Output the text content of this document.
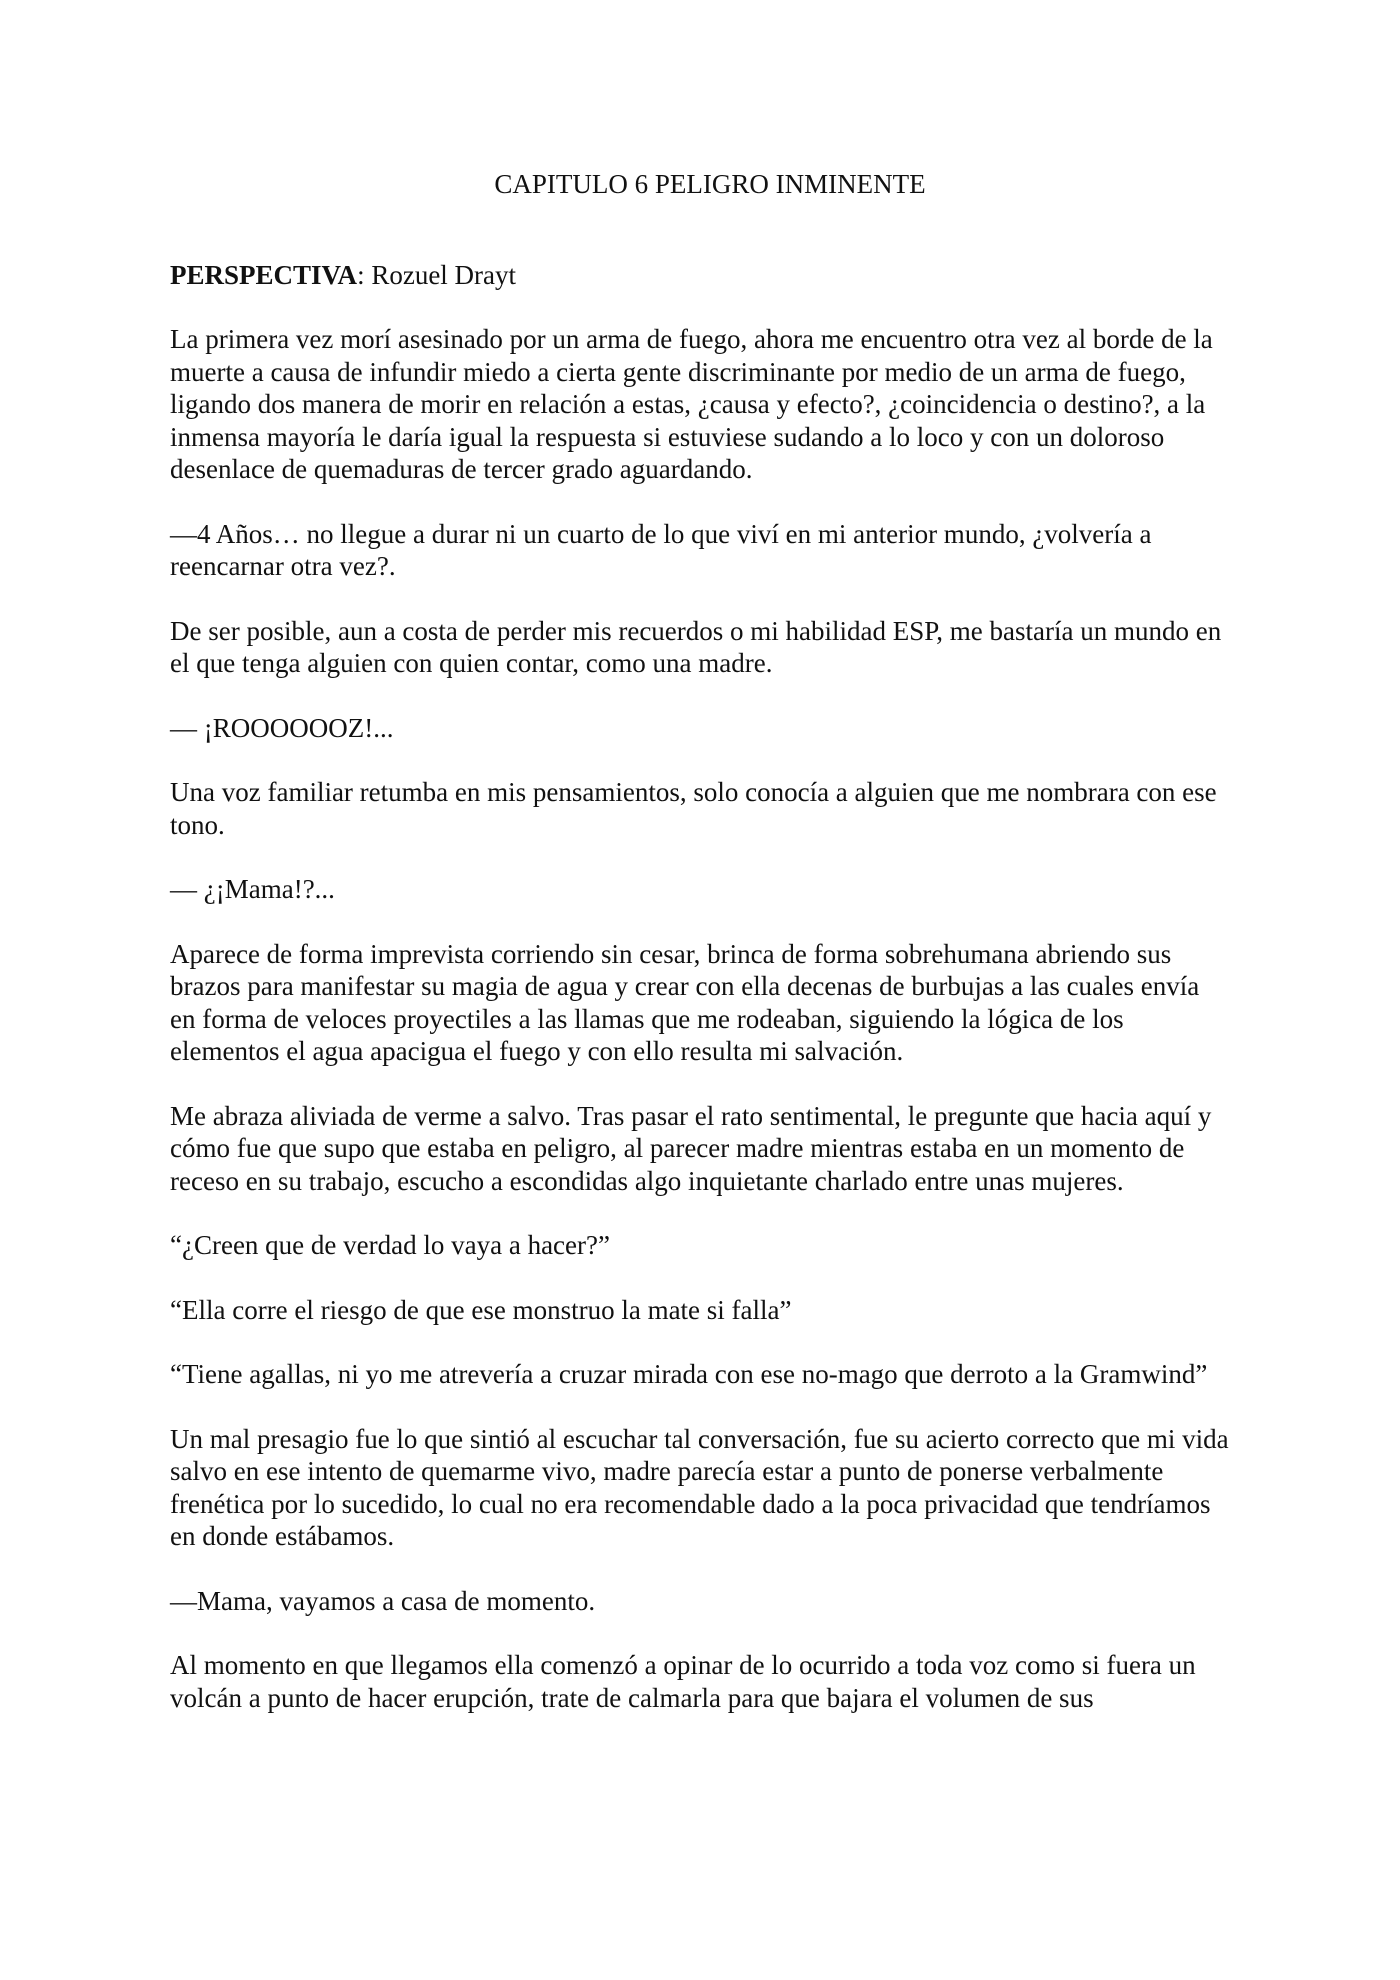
CAPITULO 6 PELIGRO INMINENTE
PERSPECTIVA: Rozuel Drayt

La primera vez morí asesinado por un arma de fuego, ahora me encuentro otra vez al borde de la muerte a causa de infundir miedo a cierta gente discriminante por medio de un arma de fuego, ligando dos manera de morir en relación a estas, ¿causa y efecto?, ¿coincidencia o destino?, a la inmensa mayoría le daría igual la respuesta si estuviese sudando a lo loco y con un doloroso desenlace de quemaduras de tercer grado aguardando.

—4 Años… no llegue a durar ni un cuarto de lo que viví en mi anterior mundo, ¿volvería a reencarnar otra vez?.

De ser posible, aun a costa de perder mis recuerdos o mi habilidad ESP, me bastaría un mundo en el que tenga alguien con quien contar, como una madre.

— ¡ROOOOOOZ!...

Una voz familiar retumba en mis pensamientos, solo conocía a alguien que me nombrara con ese tono.

— ¿¡Mama!?...

Aparece de forma imprevista corriendo sin cesar, brinca de forma sobrehumana abriendo sus brazos para manifestar su magia de agua y crear con ella decenas de burbujas a las cuales envía en forma de veloces proyectiles a las llamas que me rodeaban, siguiendo la lógica de los elementos el agua apacigua el fuego y con ello resulta mi salvación.

Me abraza aliviada de verme a salvo. Tras pasar el rato sentimental, le pregunte que hacia aquí y cómo fue que supo que estaba en peligro, al parecer madre mientras estaba en un momento de receso en su trabajo, escucho a escondidas algo inquietante charlado entre unas mujeres.

“¿Creen que de verdad lo vaya a hacer?”

“Ella corre el riesgo de que ese monstruo la mate si falla”

“Tiene agallas, ni yo me atrevería a cruzar mirada con ese no-mago que derroto a la Gramwind”

Un mal presagio fue lo que sintió al escuchar tal conversación, fue su acierto correcto que mi vida salvo en ese intento de quemarme vivo, madre parecía estar a punto de ponerse verbalmente frenética por lo sucedido, lo cual no era recomendable dado a la poca privacidad que tendríamos en donde estábamos.

—Mama, vayamos a casa de momento.

Al momento en que llegamos ella comenzó a opinar de lo ocurrido a toda voz como si fuera un volcán a punto de hacer erupción, trate de calmarla para que bajara el volumen de sus
